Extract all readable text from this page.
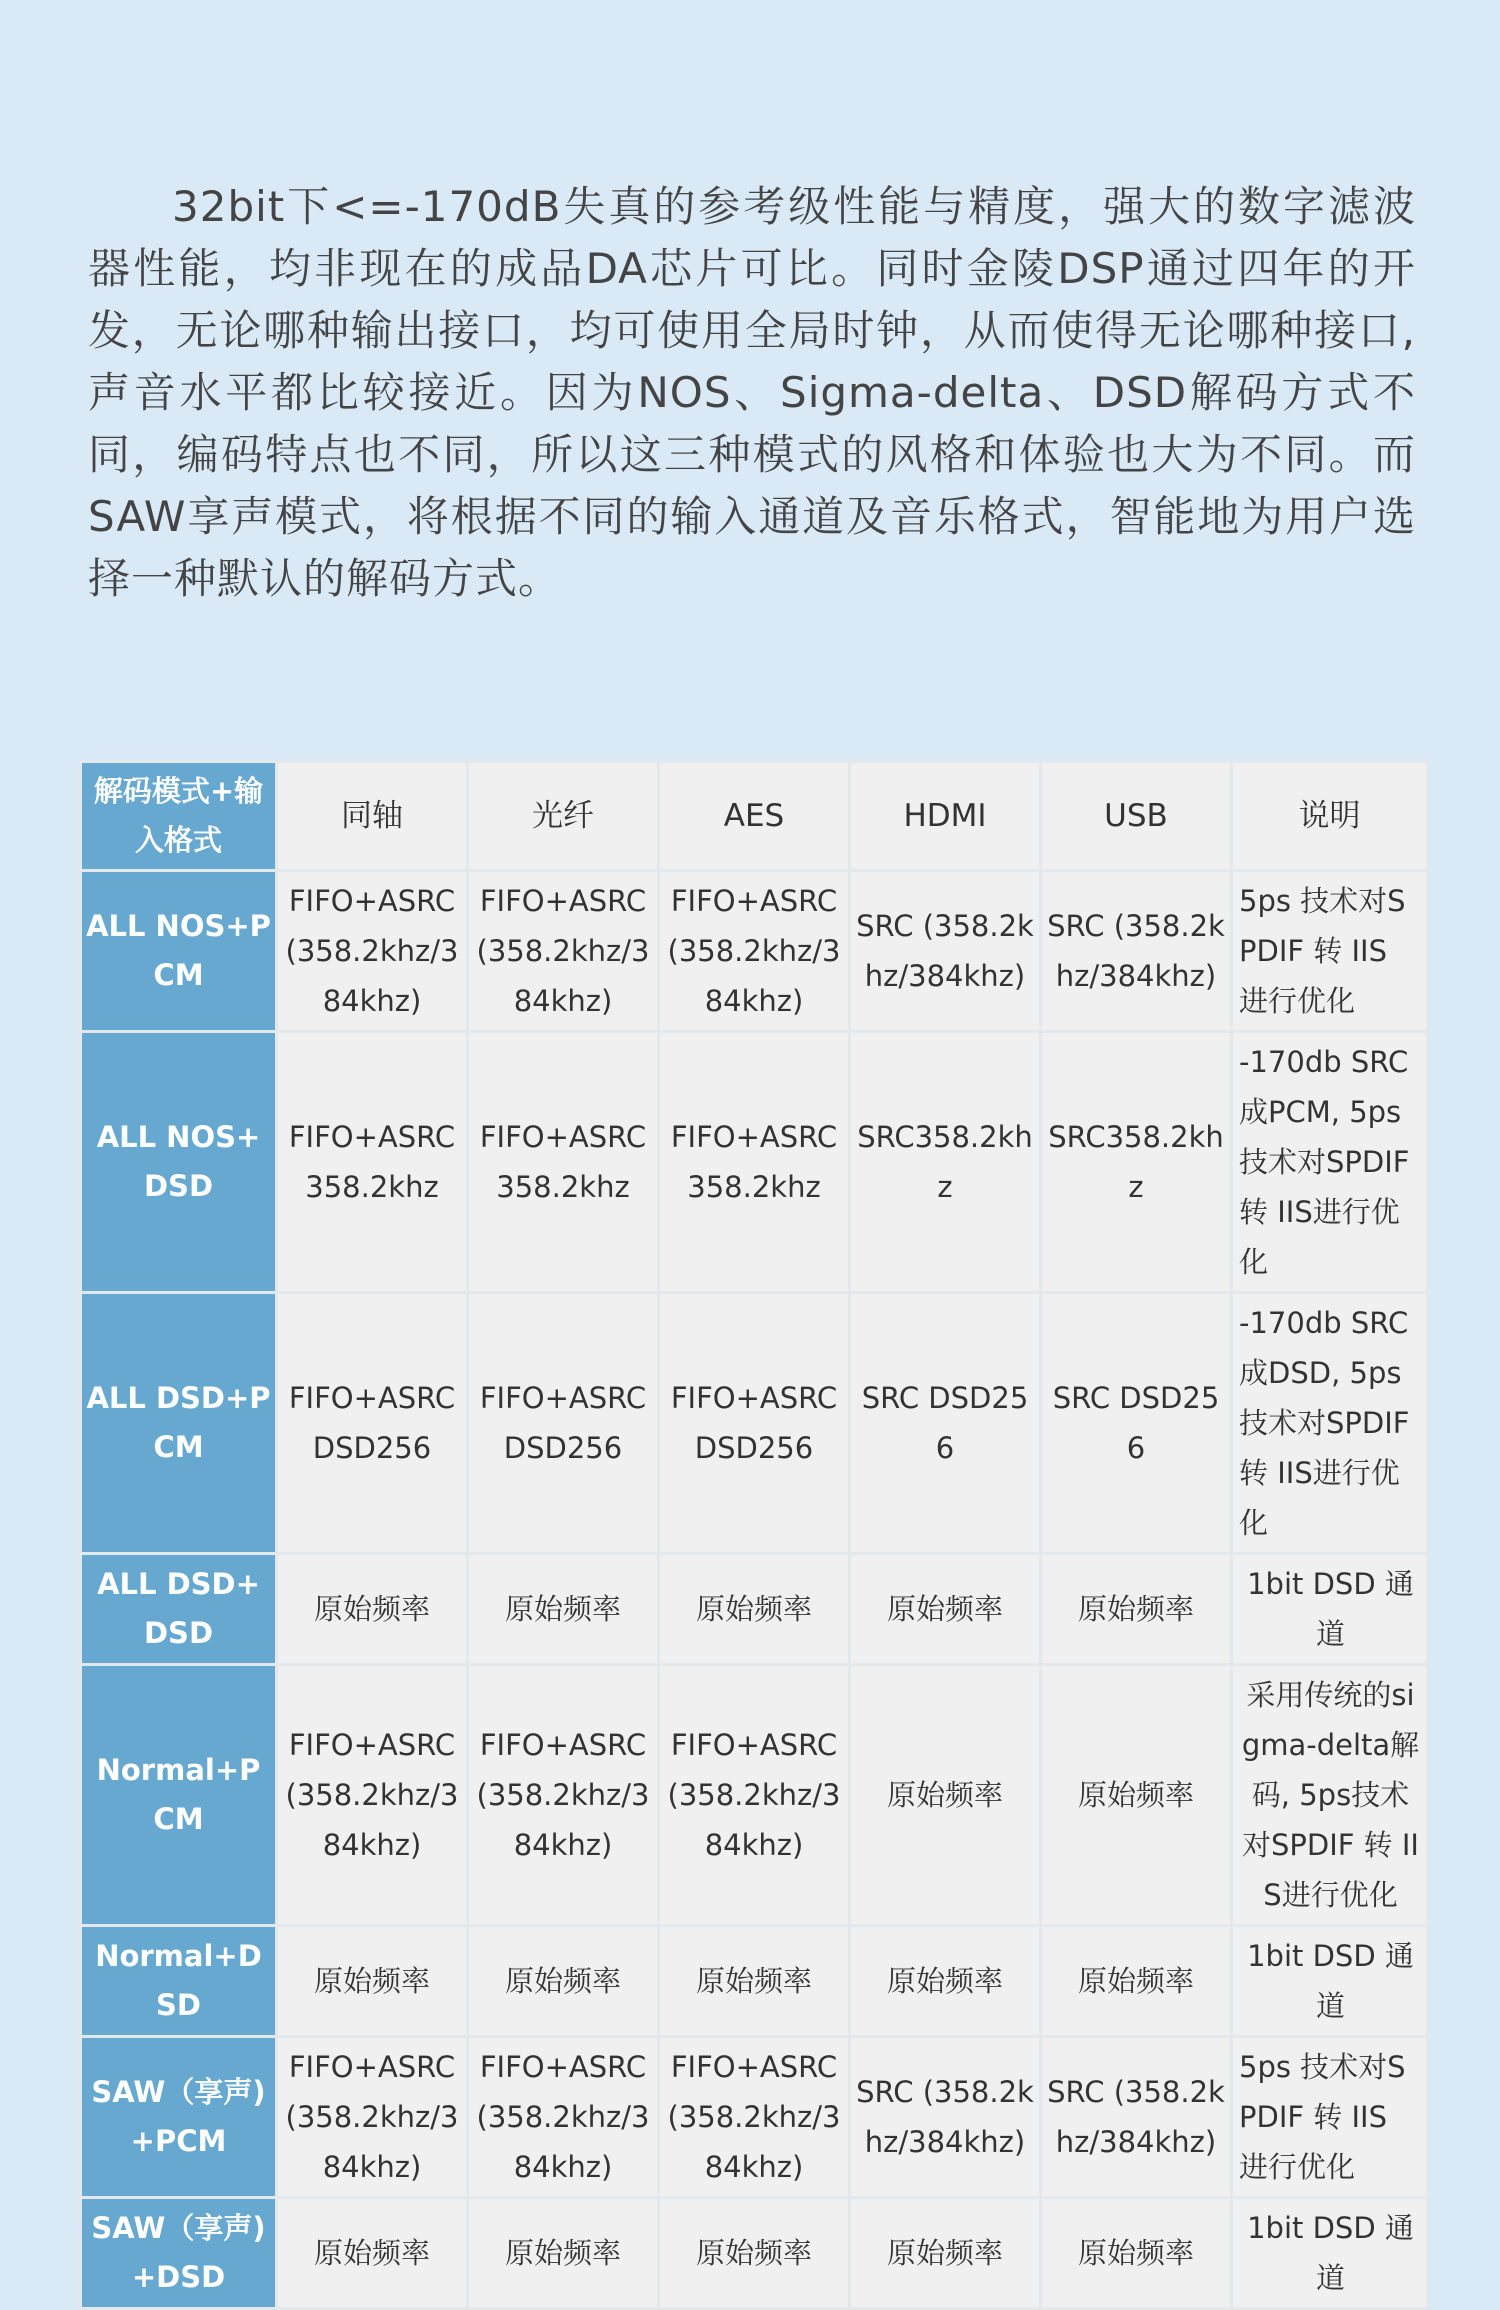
32bit下<=-170dB失真的参考级性能与精度，强大的数字滤波器性能，均非现在的成品DA芯片可比。同时金陵DSP通过四年的开发，无论哪种输出接口，均可使用全局时钟，从而使得无论哪种接口, 声音水平都比较接近。因为NOS、Sigma-delta、DSD解码方式不同，编码特点也不同，所以这三种模式的风格和体验也大为不同。而SAW享声模式，将根据不同的输入通道及音乐格式，智能地为用户选择一种默认的解码方式。

解码模式+输入格式	同轴	光纤	AES	HDMI	USB	说明
ALL NOS+PCM	FIFO+ASRC (358.2khz/384khz)	FIFO+ASRC (358.2khz/384khz)	FIFO+ASRC (358.2khz/384khz)	SRC (358.2khz/384khz)	SRC (358.2khz/384khz)	5ps 技术对SPDIF 转 IIS 进行优化
ALL NOS+DSD	FIFO+ASRC358.2khz	FIFO+ASRC358.2khz	FIFO+ASRC358.2khz	SRC358.2khz	SRC358.2khz	-170db SRC成PCM, 5ps技术对SPDIF 转 IIS进行优化
ALL DSD+PCM	FIFO+ASRC DSD256	FIFO+ASRC DSD256	FIFO+ASRC DSD256	SRC DSD256	SRC DSD256	-170db SRC成DSD, 5ps技术对SPDIF 转 IIS进行优化
ALL DSD+DSD	原始频率	原始频率	原始频率	原始频率	原始频率	1bit DSD 通道
Normal+PCM	FIFO+ASRC (358.2khz/384khz)	FIFO+ASRC (358.2khz/384khz)	FIFO+ASRC (358.2khz/384khz)	原始频率	原始频率	采用传统的sigma-delta解码, 5ps技术对SPDIF 转 IIS进行优化
Normal+DSD	原始频率	原始频率	原始频率	原始频率	原始频率	1bit DSD 通道
SAW（享声)+PCM	FIFO+ASRC (358.2khz/384khz)	FIFO+ASRC (358.2khz/384khz)	FIFO+ASRC (358.2khz/384khz)	SRC (358.2khz/384khz)	SRC (358.2khz/384khz)	5ps 技术对SPDIF 转 IIS 进行优化
SAW（享声)+DSD	原始频率	原始频率	原始频率	原始频率	原始频率	1bit DSD 通道
